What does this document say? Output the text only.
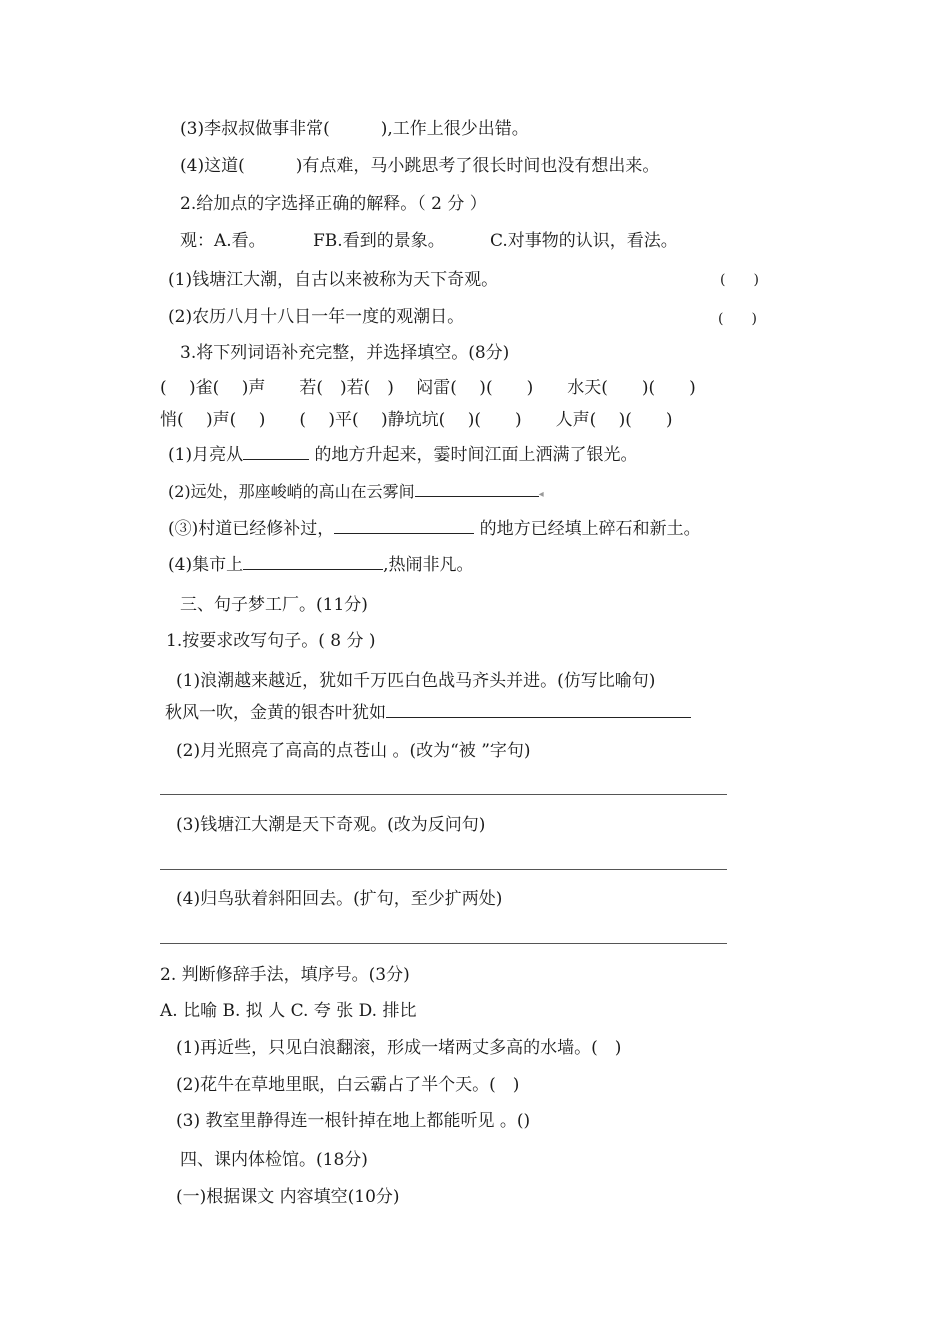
(3)李叔叔做事非常(　　　),工作上很少出错。
(4)这道(　　　)有点难，马小跳思考了很长时间也没有想出来。
2.给加点的字选择正确的解释。（ 2 分 ）
观：A.看。	FB.看到的景象。	C.对事物的认识，看法。
(1)钱塘江大潮，自古以来被称为天下奇观。	(　　)
(2)农历八月十八日一年一度的观潮日。	(　　)
3.将下列词语补充完整，并选择填空。(8分)
(　 )雀(　 )声　　若(　)若(　)　 闷雷(　 )(　　)　　水天(　　)(　　)
悄(　 )声(　 )　　(　 )平(　 )静坑坑(　 )(　　)　　人声(　 )(　　)
(1)月亮从	的地方升起来，霎时间江面上洒满了银光。
(2)远处，那座峻峭的高山在云雾间	◂
(③)村道已经修补过，	的地方已经填上碎石和新土。
(4)集市上	,热闹非凡。
三、句子梦工厂。(11分)
1.按要求改写句子。( 8 分 )
(1)浪潮越来越近，犹如千万匹白色战马齐头并进。(仿写比喻句)
秋风一吹，金黄的银杏叶犹如
(2)月光照亮了高高的点苍山 。(改为“被 ”字句)
(3)钱塘江大潮是天下奇观。(改为反问句)
(4)归鸟驮着斜阳回去。(扩句，至少扩两处)
2. 判断修辞手法，填序号。(3分)
A. 比喻 B. 拟 人 C. 夸 张 D. 排比
(1)再近些，只见白浪翻滚，形成一堵两丈多高的水墙。(　)
(2)花牛在草地里眠，白云霸占了半个天。(　)
(3) 教室里静得连一根针掉在地上都能听见 。()
四、课内体检馆。(18分)
(一)根据课文 内容填空(10分)
